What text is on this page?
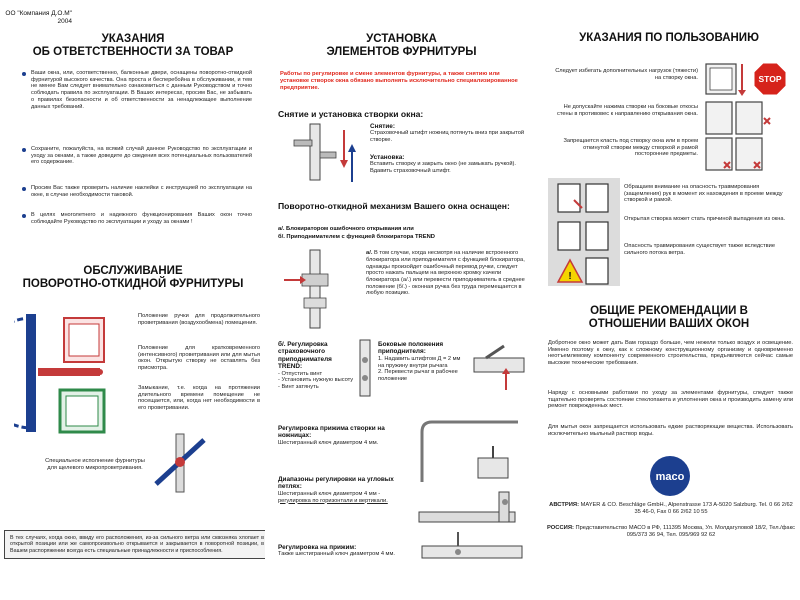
ОО "Компания Д.О.М"
2004
УКАЗАНИЯ
ОБ ОТВЕТСТВЕННОСТИ ЗА ТОВАР
Ваши окна, или, соответственно, балконные двери, оснащены поворотно-откидной фурнитурой высокого качества. Она проста и бесперебойна в обслуживании, и тем не менее Вам следует внимательно ознакомиться с данным Руководством и точно соблюдать правила по эксплуатации. В Ваших интересах, просим Вас, не забывать о правилах безопасности и об ответственности за ненадлежащее выполнение данных требований.
Сохраните, пожалуйста, на всякий случай данное Руководство по эксплуатации и уходу за окнами, а также доведите до сведения всех потенциальных пользователей его содержание.
Просим Вас также проверить наличие наклейки с инструкцией по эксплуатации на окне, в случае необходимости таковой.
В целях многолетнего и надежного функционирования Ваших окон точно соблюдайте Руководство по эксплуатации и уходу за окнами !
ОБСЛУЖИВАНИЕ
ПОВОРОТНО-ОТКИДНОЙ ФУРНИТУРЫ
Положение ручки для продолжительного проветривания (воздухообмена) помещения.
Положение для кратковременного (интенсивного) проветривания или для мытья окон. Открытую створку не оставлять без присмотра.
Замыкание, т.е. когда на протяжении длительного времени помещение не посещается, или, когда нет необходимости в его проветривании.
Специальное исполнение фурнитуры для щелевого микропроветривания.
В тех случаях, когда окно, ввиду его расположения, из-за сильного ветра или сквозняка хлопает в открытой позиции или же самопроизвольно открывается и закрывается в поворотной позиции, в Вашем распоряжении всегда есть специальные принадлежности и приспособления.
УСТАНОВКА
ЭЛЕМЕНТОВ ФУРНИТУРЫ
Работы по регулировке и смене элементов фурнитуры, а также снятию или установке створок окна обязано выполнять исключительно специализированное предприятие.
Снятие и установка створки окна:
Снятие:
Страховочный штифт ножниц потянуть вниз при закрытой створке.
Установка:
Вставить створку и закрыть окно (не замыкать ручкой). Вдавить страховочный штифт.
Поворотно-откидной механизм Вашего окна оснащен:
а/. Блокиратором ошибочного открывания или
б/. Приподнимателем с функцией блокиратора TREND
а/. В том случае, когда несмотря на наличие встроенного блокиратора или приподнимателя с функцией блокиратора, однажды произойдет ошибочный перевод ручки, следует просто нажать пальцем на верхнюю кромку качели блокиратора (а/.) или перевести приподниматель в среднее положение (б/.) - оконная ручка без труда перемещается в любую позицию.
б/. Регулировка страховочного приподнимателя TREND:
- Отпустить винт
- Установить нужную высоту
- Винт затянуть
Боковые положения приподнителя:
1. Надавить штифтом Д = 2 мм на пружину внутри рычага
2. Перевести рычаг в рабочее положение
Регулировка прижима створки на ножницах:
Шестигранный ключ диаметром 4 мм.
Диапазоны регулировки на угловых петлях:
Шестигранный ключ диаметром 4 мм - регулировка по горизонтали и вертикали.
Регулировка на прижим:
Также шестигранный ключ диаметром 4 мм.
УКАЗАНИЯ ПО ПОЛЬЗОВАНИЮ
Следует избегать дополнительных нагрузок (тяжести) на створку окна.	STOP
Не допускайте нажима створки на боковые откосы стены в противовес к направлению открывания окна.
Запрещается класть под створку окна или в проем откинутой створки между створкой и рамой посторонние предметы.
!
Обращаем внимание на опасность травмирования (защемления) рук в момент их нахождения в проеме между створкой и рамой.
Открытая створка может стать причиной выпадения из окна.
Опасность травмирования существует также вследствие сильного потока ветра.
ОБЩИЕ РЕКОМЕНДАЦИИ В
ОТНОШЕНИИ ВАШИХ ОКОН
Добротное окно может дать Вам гораздо больше, чем нежели только воздух и освещение. Именно поэтому к окну, как к сложному конструкционному организму и одновременно неотъемлемому компоненту современного строительства, предъявляются сейчас самые высокие технические требования.
Наряду с основными работами по уходу за элементами фурнитуры, следует также тщательно проверять состояние стеклопакета и уплотнения окна и производить замену или ремонт поврежденных мест.
Для мытья окон запрещается использовать едкие растворяющие вещества. Использовать исключительно мыльный раствор воды.
maco
АВСТРИЯ: MAYER & CO. Beschläge GmbH., Alpenstrasse 173 A-5020 Salzburg. Tel. 0 66 2/62 35 46-0, Fax 0 66 2/62 10 55
РОССИЯ: Представительство МАСО в РФ, 111395 Москва, Ул. Молдагуловой 18/2, Тел./факс 095/373 36 94, Тел. 095/969 92 62
